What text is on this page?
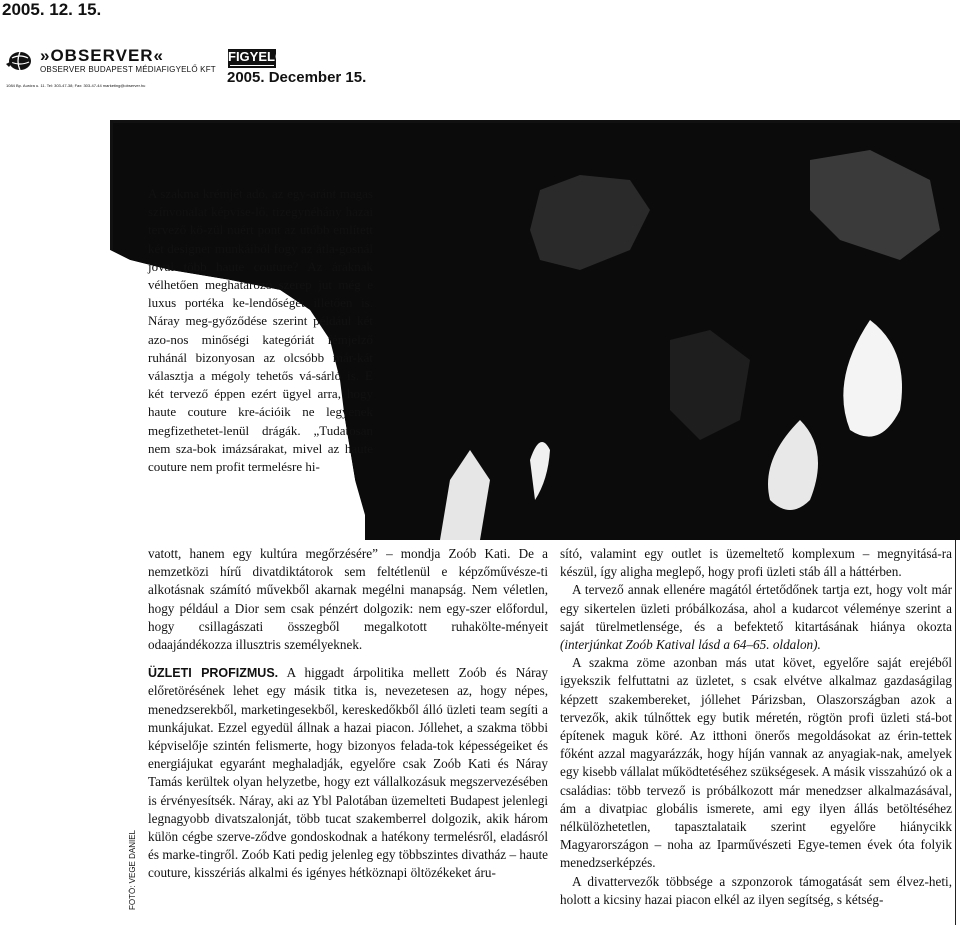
2005. 12. 15.
»OBSERVER«
OBSERVER BUDAPEST MÉDIAFIGYELŐ KFT
1084 Bp. Auróra u. 11. Tel: 303-47-38; Fax: 303-47-44 marketing@observer.hu
FIGYELŐ
2005. December 15.

A szakma krémjét adó, az egy-aránt magas színvonalat képvise-lő, tizegynéhány hazai tervező kö-zül nuért pont az utóbb említett két designer munkáiból fogy az átla-gosnál jóval több haute couture? Az áraknak vélhetően meghatározó szerep jut még e luxus portéka ke-lendőségét illetően is. Náray meg-győződése szerint például két azo-nos minőségi kategóriát fémjelző ruhánál bizonyosan az olcsóbb már-kát választja a mégoly tehetős vá-sárló is. E két tervező éppen ezért ügyel arra, hogy haute couture kre-ációik ne legyenek megfizethetet-lenül drágák. „Tudatosan nem sza-bok imázsárakat, mivel az haute couture nem profit termelésre hi-

vatott, hanem egy kultúra megőrzésére” – mondja Zoób Kati. De a nemzetközi hírű divatdiktátorok sem feltétlenül e képzőművésze-ti alkotásnak számító művekből akarnak megélni manapság. Nem véletlen, hogy például a Dior sem csak pénzért dolgozik: nem egy-szer előfordul, hogy csillagászati összegből megalkotott ruhakölte-ményeit odaajándékozza illusztris személyeknek.

ÜZLETI PROFIZMUS. A higgadt árpolitika mellett Zoób és Náray előretörésének lehet egy másik titka is, nevezetesen az, hogy népes, menedzserekből, marketingesekből, kereskedőkből álló üzleti team segíti a munkájukat. Ezzel egyedül állnak a hazai piacon. Jóllehet, a szakma többi képviselője szintén felismerte, hogy bizonyos felada-tok képességeiket és energiájukat egyaránt meghaladják, egyelőre csak Zoób Kati és Náray Tamás kerültek olyan helyzetbe, hogy ezt vállalkozásuk megszervezésében is érvényesítsék. Náray, aki az Ybl Palotában üzemelteti Budapest jelenlegi legnagyobb divatszalonját, több tucat szakemberrel dolgozik, akik három külön cégbe szerve-ződve gondoskodnak a hatékony termelésről, eladásról és marke-tingről. Zoób Kati pedig jelenleg egy többszintes divatház – haute couture, kisszériás alkalmi és igényes hétköznapi öltözékeket áru-

sító, valamint egy outlet is üzemeltető komplexum – megnyitásá-ra készül, így aligha meglepő, hogy profi üzleti stáb áll a háttérben.

A tervező annak ellenére magától értetődőnek tartja ezt, hogy volt már egy sikertelen üzleti próbálkozása, ahol a kudarcot véleménye szerint a saját türelmetlensége, és a befektető kitartásának hiánya okozta (interjúnkat Zoób Katival lásd a 64–65. oldalon).

A szakma zöme azonban más utat követ, egyelőre saját erejéből igyekszik felfuttatni az üzletet, s csak elvétve alkalmaz gazdaságilag képzett szakembereket, jóllehet Párizsban, Olaszországban azok a tervezők, akik túlnőttek egy butik méretén, rögtön profi üzleti stá-bot építenek maguk köré. Az itthoni önerős megoldásokat az érin-tettek főként azzal magyarázzák, hogy híján vannak az anyagiak-nak, amelyek egy kisebb vállalat működtetéséhez szükségesek. A másik visszahúzó ok a családias: több tervező is próbálkozott már menedzser alkalmazásával, ám a divatpiac globális ismerete, ami egy ilyen állás betöltéséhez nélkülözhetetlen, tapasztalataik szerint egyelőre hiánycikk Magyarországon – noha az Iparművészeti Egye-temen évek óta folyik menedzserképzés.

A divattervezők többsége a szponzorok támogatását sem élvez-heti, holott a kicsiny hazai piacon elkél az ilyen segítség, s kétség-

FOTÓ: VEGE DANIEL
